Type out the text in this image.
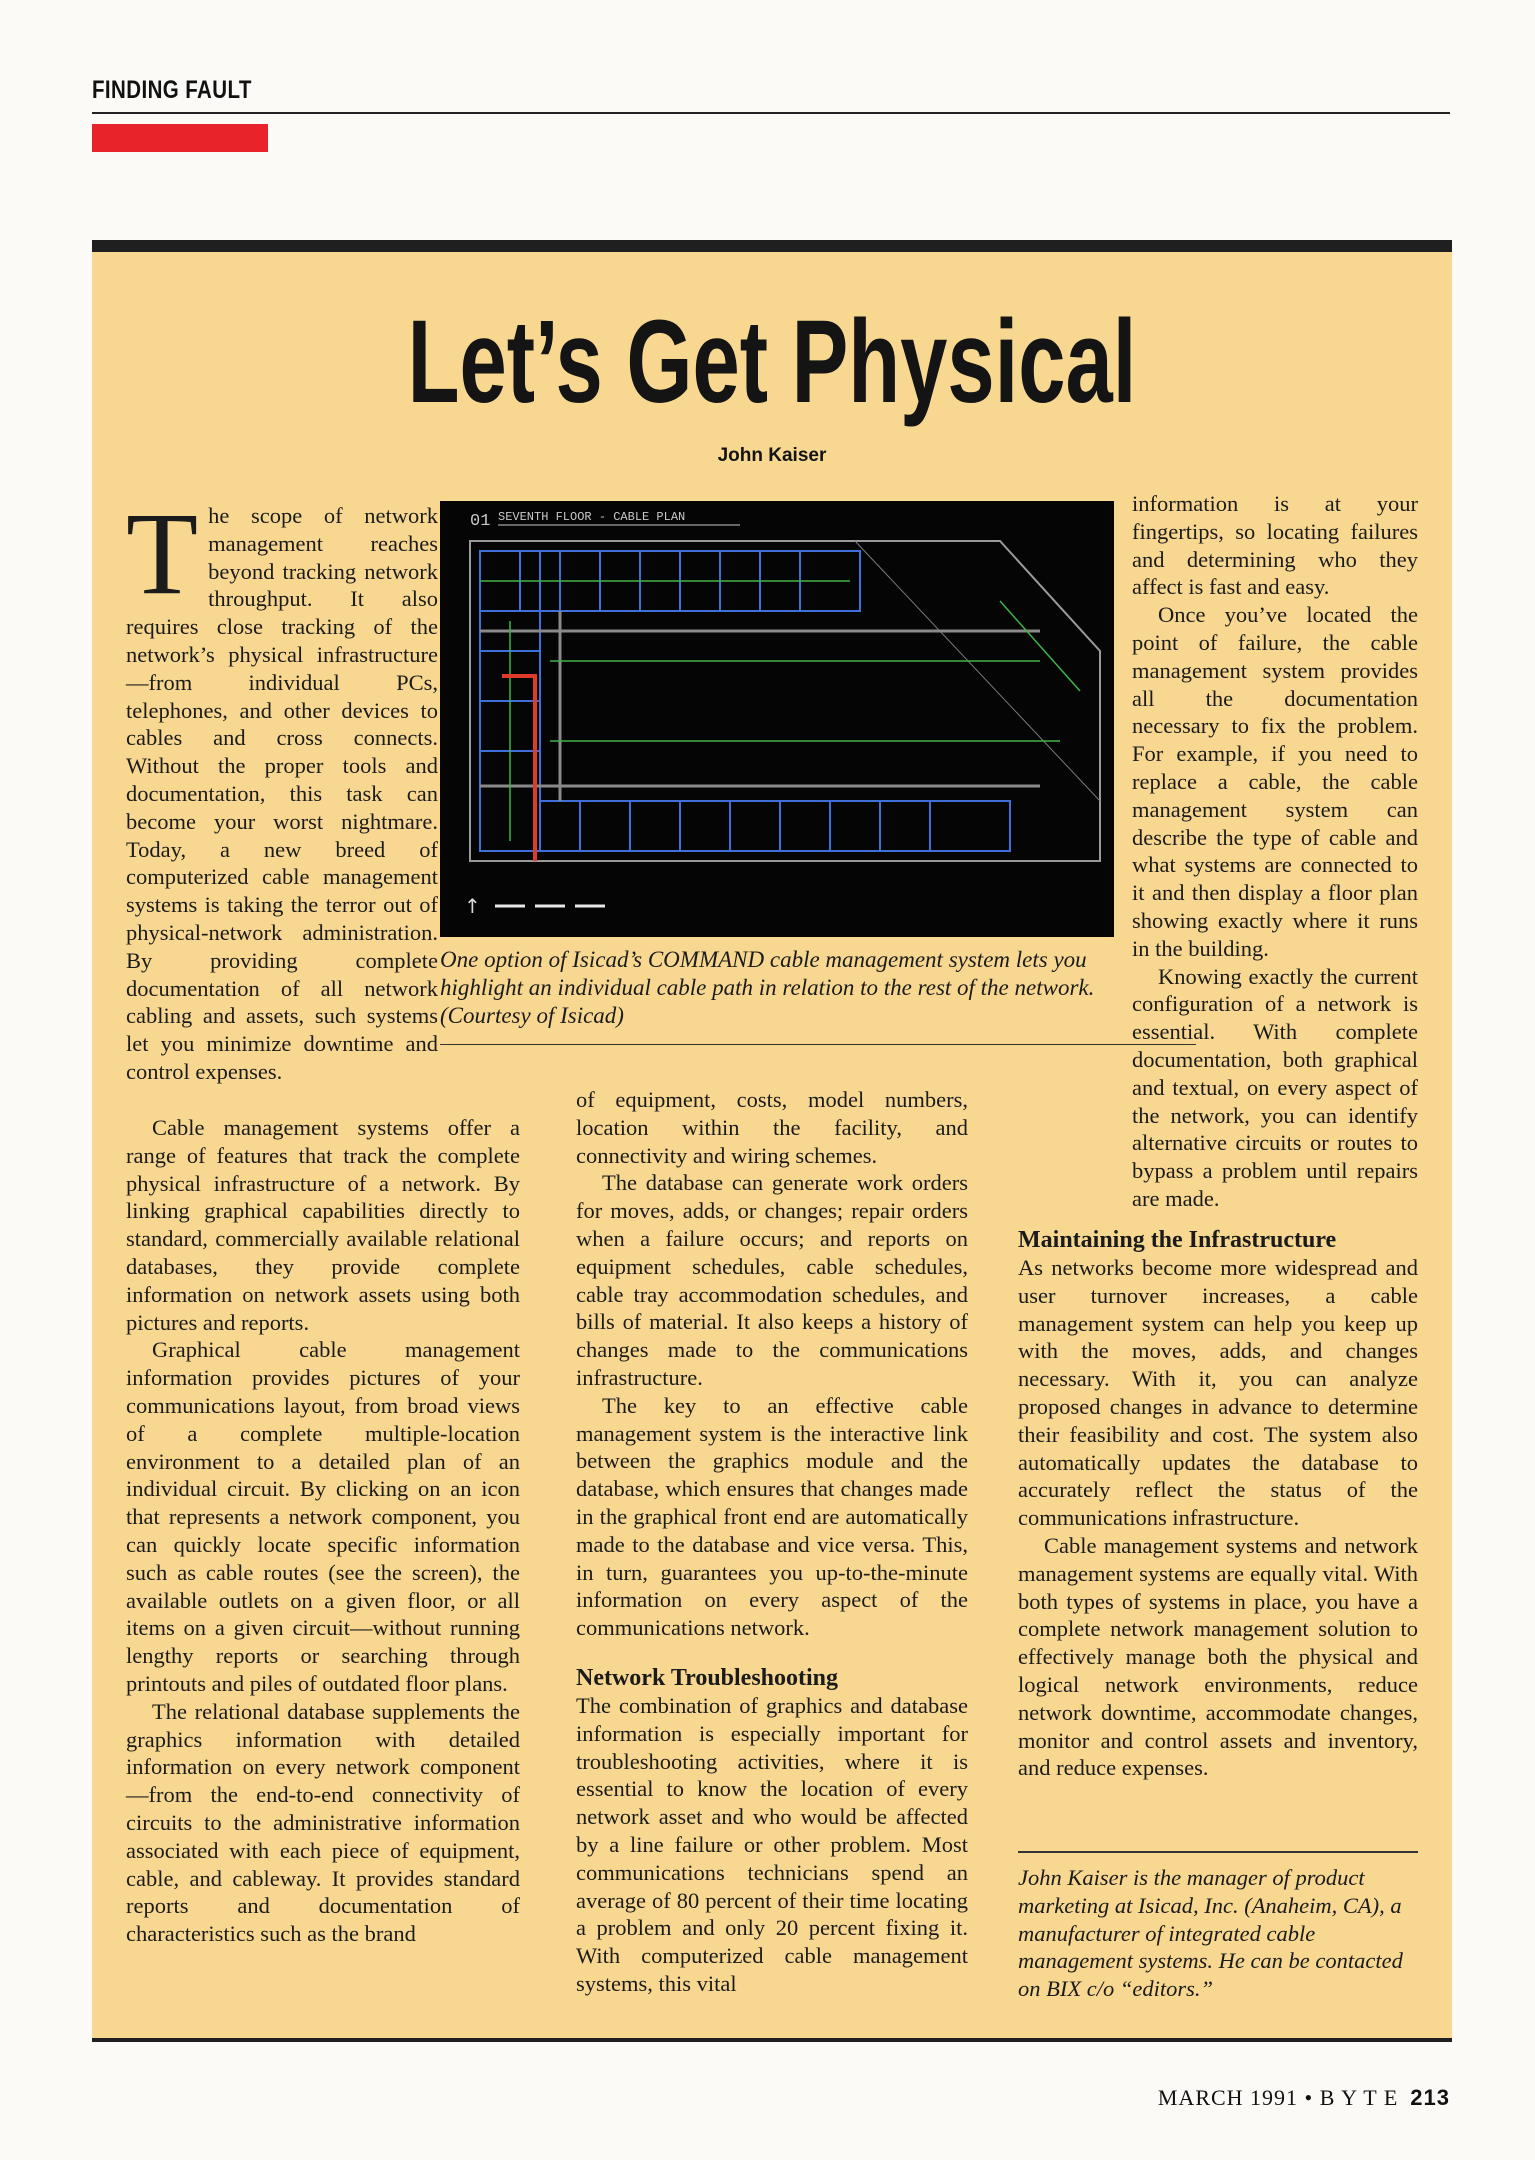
FINDING FAULT
Let’s Get Physical
John Kaiser

The scope of network management reaches beyond tracking network throughput. It also requires close tracking of the network’s physical infrastructure—from individual PCs, telephones, and other devices to cables and cross connects. Without the proper tools and documentation, this task can become your worst nightmare. Today, a new breed of computerized cable management systems is taking the terror out of physical-network administration. By providing complete documentation of all network cabling and assets, such systems let you minimize downtime and control expenses.

Cable management systems offer a range of features that track the complete physical infrastructure of a network. By linking graphical capabilities directly to standard, commercially available relational databases, they provide complete information on network assets using both pictures and reports.

Graphical cable management information provides pictures of your communications layout, from broad views of a complete multiple-location environment to a detailed plan of an individual circuit. By clicking on an icon that represents a network component, you can quickly locate specific information such as cable routes (see the screen), the available outlets on a given floor, or all items on a given circuit—without running lengthy reports or searching through printouts and piles of outdated floor plans.

The relational database supplements the graphics information with detailed information on every network component—from the end-to-end connectivity of circuits to the administrative information associated with each piece of equipment, cable, and cableway. It provides standard reports and documentation of characteristics such as the brand

of equipment, costs, model numbers, location within the facility, and connectivity and wiring schemes.

The database can generate work orders for moves, adds, or changes; repair orders when a failure occurs; and reports on equipment schedules, cable schedules, cable tray accommodation schedules, and bills of material. It also keeps a history of changes made to the communications infrastructure.

The key to an effective cable management system is the interactive link between the graphics module and the database, which ensures that changes made in the graphical front end are automatically made to the database and vice versa. This, in turn, guarantees you up-to-the-minute information on every aspect of the communications network.

Network Troubleshooting

The combination of graphics and database information is especially important for troubleshooting activities, where it is essential to know the location of every network asset and who would be affected by a line failure or other problem. Most communications technicians spend an average of 80 percent of their time locating a problem and only 20 percent fixing it. With computerized cable management systems, this vital

information is at your fingertips, so locating failures and determining who they affect is fast and easy.

Once you’ve located the point of failure, the cable management system provides all the documentation necessary to fix the problem. For example, if you need to replace a cable, the cable management system can describe the type of cable and what systems are connected to it and then display a floor plan showing exactly where it runs in the building.

Knowing exactly the current configuration of a network is essential. With complete documentation, both graphical and textual, on every aspect of the network, you can identify alternative circuits or routes to bypass a problem until repairs are made.

Maintaining the Infrastructure

As networks become more widespread and user turnover increases, a cable management system can help you keep up with the moves, adds, and changes necessary. With it, you can analyze proposed changes in advance to determine their feasibility and cost. The system also automatically updates the database to accurately reflect the status of the communications infrastructure.

Cable management systems and network management systems are equally vital. With both types of systems in place, you have a complete network management solution to effectively manage both the physical and logical network environments, reduce network downtime, accommodate changes, monitor and control assets and inventory, and reduce expenses.

John Kaiser is the manager of product marketing at Isicad, Inc. (Anaheim, CA), a manufacturer of integrated cable management systems. He can be contacted on BIX c/o “editors.”

01 SEVENTH FLOOR - CABLE PLAN
↑
One option of Isicad’s COMMAND cable management system lets you highlight an individual cable path in relation to the rest of the network. (Courtesy of Isicad)
MARCH 1991 • B Y T E 213
